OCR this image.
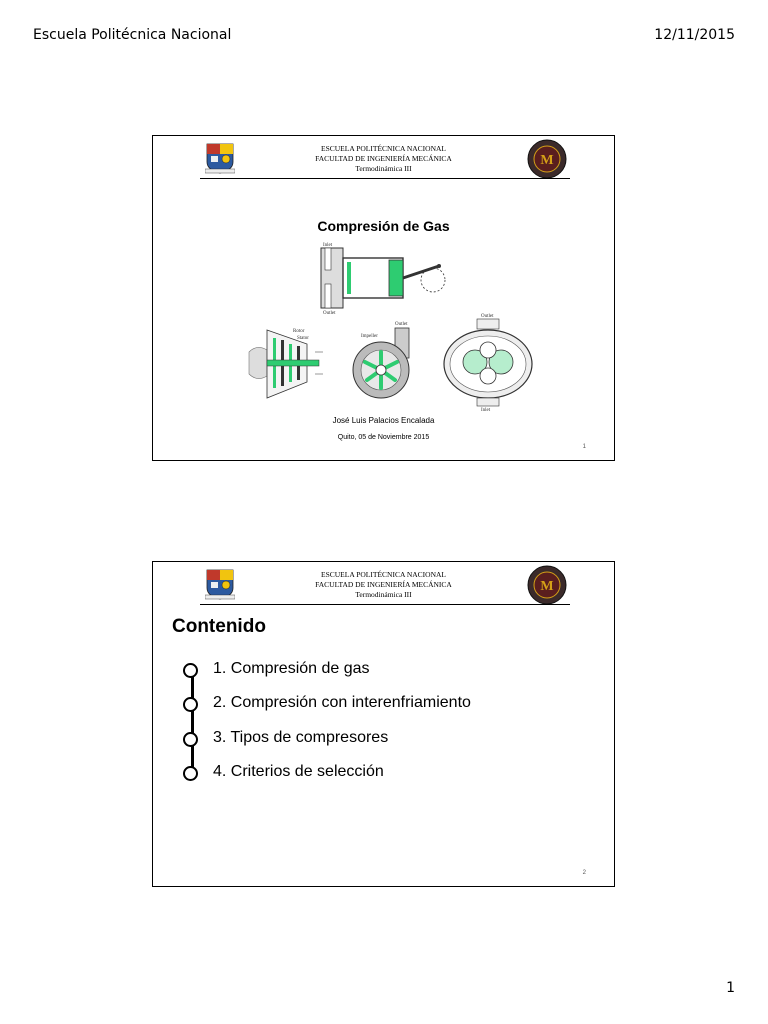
Escuela Politécnica Nacional	12/11/2015
ESCUELA POLITÉCNICA NACIONAL
FACULTAD DE INGENIERÍA MECÁNICA
Termodinámica III
M
Compresión de Gas
Inlet
Outlet
Rotor
Stator
Outlet
Impeller
Outlet
Inlet
José Luis Palacios Encalada
Quito, 05 de Noviembre 2015
1
ESCUELA POLITÉCNICA NACIONAL
FACULTAD DE INGENIERÍA MECÁNICA
Termodinámica III
M
Contenido
1. Compresión de gas
2. Compresión con interenfriamiento
3. Tipos de compresores
4. Criterios de selección
2
1
